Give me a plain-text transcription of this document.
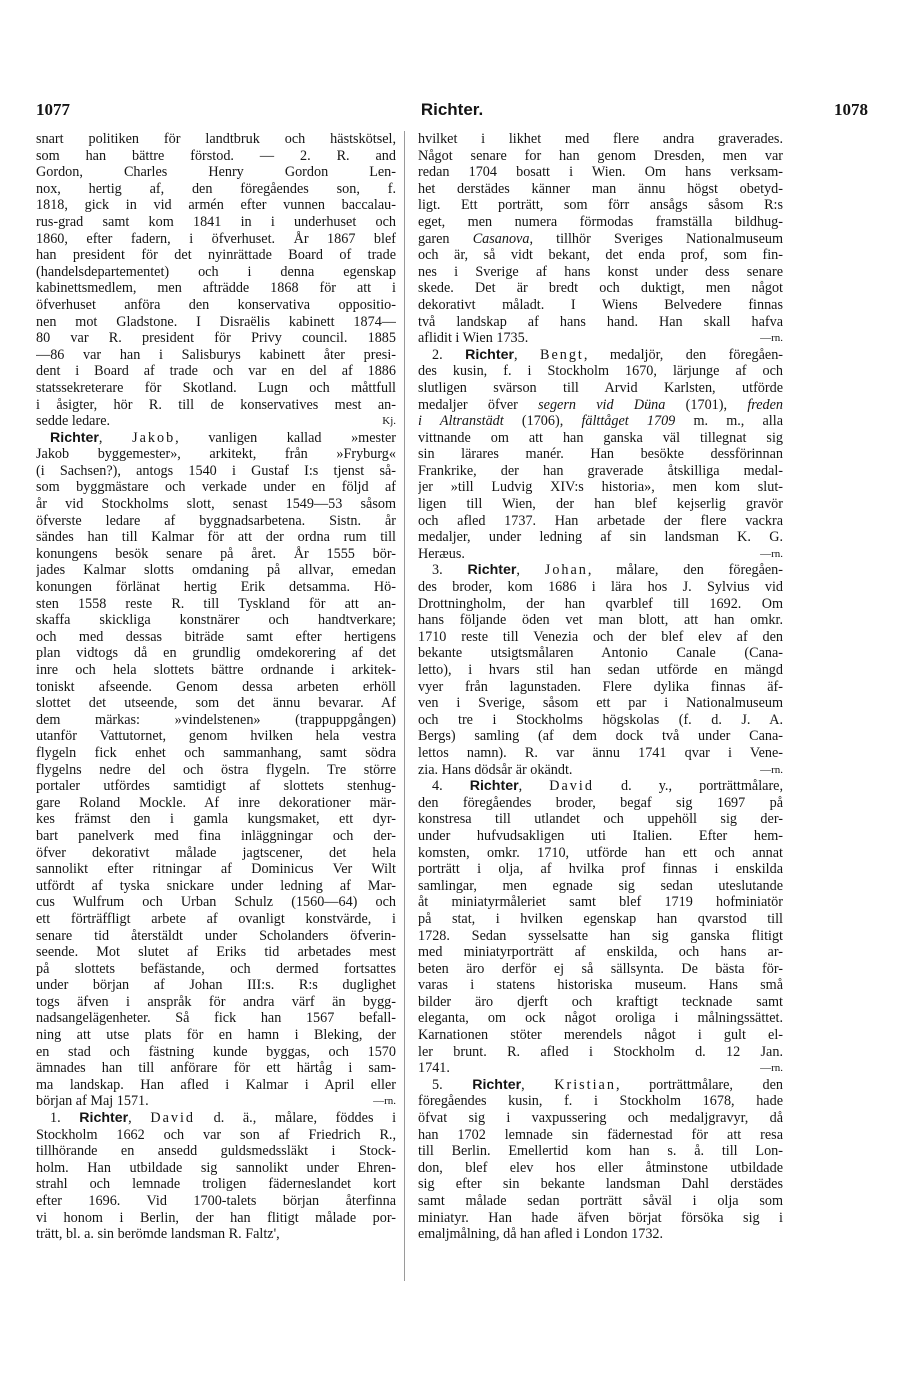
1077	Richter.	1078
snart politiken för landtbruk och hästskötsel,
som han bättre förstod. — 2. R. and
Gordon, Charles Henry Gordon Len-
nox, hertig af, den föregåendes son, f.
1818, gick in vid armén efter vunnen baccalau-
rus-grad samt kom 1841 in i underhuset och
1860, efter fadern, i öfverhuset. År 1867 blef
han president för det nyinrättade Board of trade
(handelsdepartementet) och i denna egenskap
kabinettsmedlem, men afträdde 1868 för att i
öfverhuset anföra den konservativa oppositio-
nen mot Gladstone. I Disraëlis kabinett 1874—
80 var R. president för Privy council. 1885
—86 var han i Salisburys kabinett åter presi-
dent i Board af trade och var en del af 1886
statssekreterare för Skotland. Lugn och måttfull
i åsigter, hör R. till de konservatives mest an-
Kj.
sedde ledare.
Richter, Jakob, vanligen kallad »mester
Jakob byggemester», arkitekt, från »Fryburg«
(i Sachsen?), antogs 1540 i Gustaf I:s tjenst så-
som byggmästare och verkade under en följd af
år vid Stockholms slott, senast 1549—53 såsom
öfverste ledare af byggnadsarbetena. Sistn. år
sändes han till Kalmar för att der ordna rum till
konungens besök senare på året. År 1555 bör-
jades Kalmar slotts omdaning på allvar, emedan
konungen förlänat hertig Erik detsamma. Hö-
sten 1558 reste R. till Tyskland för att an-
skaffa skickliga konstnärer och handtverkare;
och med dessas biträde samt efter hertigens
plan vidtogs då en grundlig omdekorering af det
inre och hela slottets bättre ordnande i arkitek-
toniskt afseende. Genom dessa arbeten erhöll
slottet det utseende, som det ännu bevarar. Af
dem märkas: »vindelstenen» (trappuppgången)
utanför Vattutornet, genom hvilken hela vestra
flygeln fick enhet och sammanhang, samt södra
flygelns nedre del och östra flygeln. Tre större
portaler utfördes samtidigt af slottets stenhug-
gare Roland Mockle. Af inre dekorationer mär-
kes främst den i gamla kungsmaket, ett dyr-
bart panelverk med fina inläggningar och der-
öfver dekorativt målade jagtscener, det hela
sannolikt efter ritningar af Dominicus Ver Wilt
utfördt af tyska snickare under ledning af Mar-
cus Wulfrum och Urban Schulz (1560—64) och
ett förträffligt arbete af ovanligt konstvärde, i
senare tid återstäldt under Scholanders öfverin-
seende. Mot slutet af Eriks tid arbetades mest
på slottets befästande, och dermed fortsattes
under början af Johan III:s. R:s duglighet
togs äfven i anspråk för andra värf än bygg-
nadsangelägenheter. Så fick han 1567 befall-
ning att utse plats för en hamn i Bleking, der
en stad och fästning kunde byggas, och 1570
ämnades han till anförare för ett härtåg i sam-
ma landskap. Han afled i Kalmar i April eller
—rn.
början af Maj 1571.
1. Richter, David d. ä., målare, föddes i
Stockholm 1662 och var son af Friedrich R.,
tillhörande en ansedd guldsmedssläkt i Stock-
holm. Han utbildade sig sannolikt under Ehren-
strahl och lemnade troligen fäderneslandet kort
efter 1696. Vid 1700-talets början återfinna
vi honom i Berlin, der han flitigt målade por-
trätt, bl. a. sin berömde landsman R. Faltz',
hvilket i likhet med flere andra graverades.
Något senare for han genom Dresden, men var
redan 1704 bosatt i Wien. Om hans verksam-
het derstädes känner man ännu högst obetyd-
ligt. Ett porträtt, som förr ansågs såsom R:s
eget, men numera förmodas framställa bildhug-
garen Casanova, tillhör Sveriges Nationalmuseum
och är, så vidt bekant, det enda prof, som fin-
nes i Sverige af hans konst under dess senare
skede. Det är bredt och duktigt, men något
dekorativt måladt. I Wiens Belvedere finnas
två landskap af hans hand. Han skall hafva
—rn.
aflidit i Wien 1735.
2. Richter, Bengt, medaljör, den föregåen-
des kusin, f. i Stockholm 1670, lärjunge af och
slutligen svärson till Arvid Karlsten, utförde
medaljer öfver segern vid Düna (1701), freden
i Altranstädt (1706), fälttåget 1709 m. m., alla
vittnande om att han ganska väl tillegnat sig
sin lärares manér. Han besökte dessförinnan
Frankrike, der han graverade åtskilliga medal-
jer »till Ludvig XIV:s historia», men kom slut-
ligen till Wien, der han blef kejserlig gravör
och afled 1737. Han arbetade der flere vackra
medaljer, under ledning af sin landsman K. G.
—rn.
Heræus.
3. Richter, Johan, målare, den föregåen-
des broder, kom 1686 i lära hos J. Sylvius vid
Drottningholm, der han qvarblef till 1692. Om
hans följande öden vet man blott, att han omkr.
1710 reste till Venezia och der blef elev af den
bekante utsigtsmålaren Antonio Canale (Cana-
letto), i hvars stil han sedan utförde en mängd
vyer från lagunstaden. Flere dylika finnas äf-
ven i Sverige, såsom ett par i Nationalmuseum
och tre i Stockholms högskolas (f. d. J. A.
Bergs) samling (af dem dock två under Cana-
lettos namn). R. var ännu 1741 qvar i Vene-
—rn.
zia. Hans dödsår är okändt.
4. Richter, David d. y., porträttmålare,
den föregåendes broder, begaf sig 1697 på
konstresa till utlandet och uppehöll sig der-
under hufvudsakligen uti Italien. Efter hem-
komsten, omkr. 1710, utförde han ett och annat
porträtt i olja, af hvilka prof finnas i enskilda
samlingar, men egnade sig sedan uteslutande
åt miniatyrmåleriet samt blef 1719 hofminiatör
på stat, i hvilken egenskap han qvarstod till
1728. Sedan sysselsatte han sig ganska flitigt
med miniatyrporträtt af enskilda, och hans ar-
beten äro derför ej så sällsynta. De bästa för-
varas i statens historiska museum. Hans små
bilder äro djerft och kraftigt tecknade samt
eleganta, om ock något oroliga i målningssättet.
Karnationen stöter merendels något i gult el-
ler brunt. R. afled i Stockholm d. 12 Jan.
—rn.
1741.
5. Richter, Kristian, porträttmålare, den
föregåendes kusin, f. i Stockholm 1678, hade
öfvat sig i vaxpussering och medaljgravyr, då
han 1702 lemnade sin fädernestad för att resa
till Berlin. Emellertid kom han s. å. till Lon-
don, blef elev hos eller åtminstone utbildade
sig efter sin bekante landsman Dahl derstädes
samt målade sedan porträtt såväl i olja som
miniatyr. Han hade äfven börjat försöka sig i
emaljmålning, då han afled i London 1732.
